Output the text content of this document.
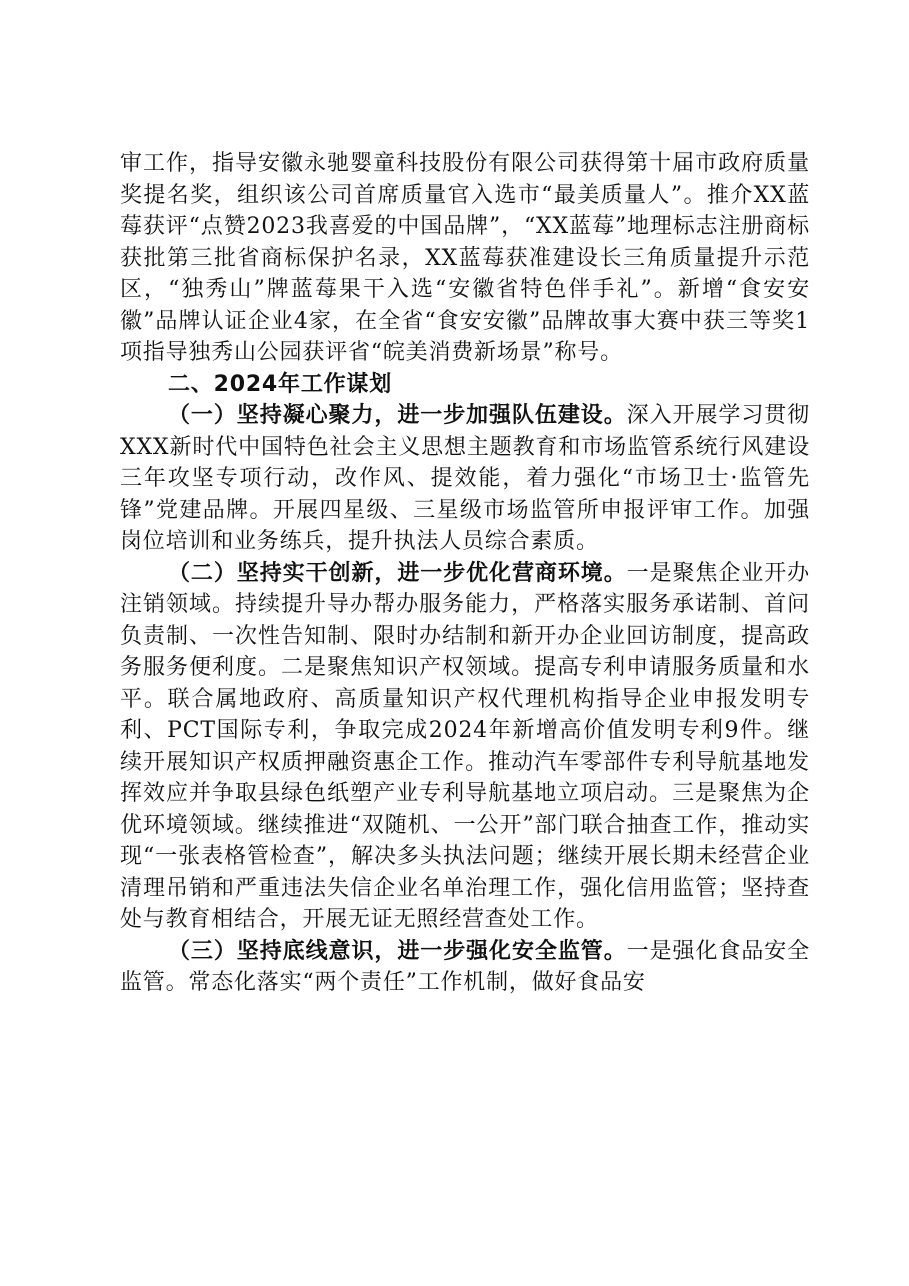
审工作，指导安徽永驰婴童科技股份有限公司获得第十届市政府质量奖提名奖，组织该公司首席质量官入选市“最美质量人”。推介XX蓝莓获评“点赞2023我喜爱的中国品牌”，“XX蓝莓”地理标志注册商标获批第三批省商标保护名录，XX蓝莓获准建设长三角质量提升示范区，“独秀山”牌蓝莓果干入选“安徽省特色伴手礼”。新增“食安安徽”品牌认证企业4家，在全省“食安安徽”品牌故事大赛中获三等奖1项指导独秀山公园获评省“皖美消费新场景”称号。

二、2024年工作谋划

（一）坚持凝心聚力，进一步加强队伍建设。深入开展学习贯彻XXX新时代中国特色社会主义思想主题教育和市场监管系统行风建设三年攻坚专项行动，改作风、提效能，着力强化“市场卫士·监管先锋”党建品牌。开展四星级、三星级市场监管所申报评审工作。加强岗位培训和业务练兵，提升执法人员综合素质。

（二）坚持实干创新，进一步优化营商环境。一是聚焦企业开办注销领域。持续提升导办帮办服务能力，严格落实服务承诺制、首问负责制、一次性告知制、限时办结制和新开办企业回访制度，提高政务服务便利度。二是聚焦知识产权领域。提高专利申请服务质量和水平。联合属地政府、高质量知识产权代理机构指导企业申报发明专利、PCT国际专利，争取完成2024年新增高价值发明专利9件。继续开展知识产权质押融资惠企工作。推动汽车零部件专利导航基地发挥效应并争取县绿色纸塑产业专利导航基地立项启动。三是聚焦为企优环境领域。继续推进“双随机、一公开”部门联合抽查工作，推动实现“一张表格管检查”，解决多头执法问题；继续开展长期未经营企业清理吊销和严重违法失信企业名单治理工作，强化信用监管；坚持查处与教育相结合，开展无证无照经营查处工作。

（三）坚持底线意识，进一步强化安全监管。一是强化食品安全监管。常态化落实“两个责任”工作机制，做好食品安
